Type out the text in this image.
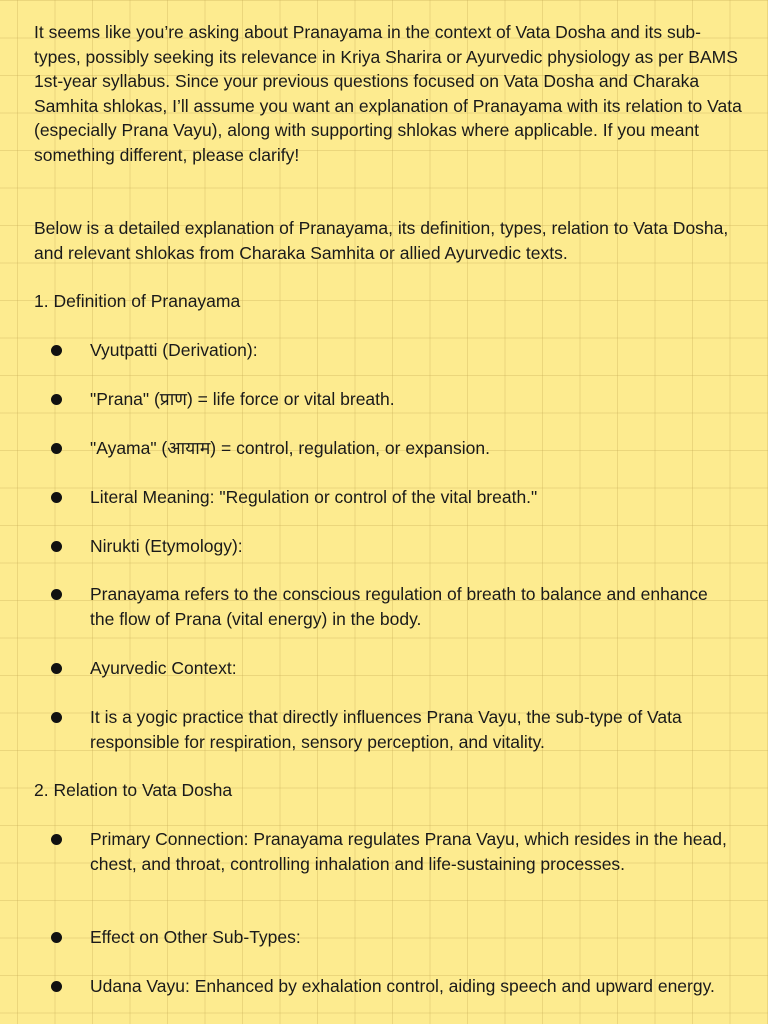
It seems like you’re asking about Pranayama in the context of Vata Dosha and its sub-types, possibly seeking its relevance in Kriya Sharira or Ayurvedic physiology as per BAMS 1st-year syllabus. Since your previous questions focused on Vata Dosha and Charaka Samhita shlokas, I’ll assume you want an explanation of Pranayama with its relation to Vata (especially Prana Vayu), along with supporting shlokas where applicable. If you meant something different, please clarify!

Below is a detailed explanation of Pranayama, its definition, types, relation to Vata Dosha, and relevant shlokas from Charaka Samhita or allied Ayurvedic texts.

1. Definition of Pranayama

Vyutpatti (Derivation):
"Prana" (प्राण) = life force or vital breath.
"Ayama" (आयाम) = control, regulation, or expansion.
Literal Meaning: "Regulation or control of the vital breath."
Nirukti (Etymology):
Pranayama refers to the conscious regulation of breath to balance and enhance the flow of Prana (vital energy) in the body.
Ayurvedic Context:
It is a yogic practice that directly influences Prana Vayu, the sub-type of Vata responsible for respiration, sensory perception, and vitality.

2. Relation to Vata Dosha

Primary Connection: Pranayama regulates Prana Vayu, which resides in the head, chest, and throat, controlling inhalation and life-sustaining processes.
Effect on Other Sub-Types:
Udana Vayu: Enhanced by exhalation control, aiding speech and upward energy.
